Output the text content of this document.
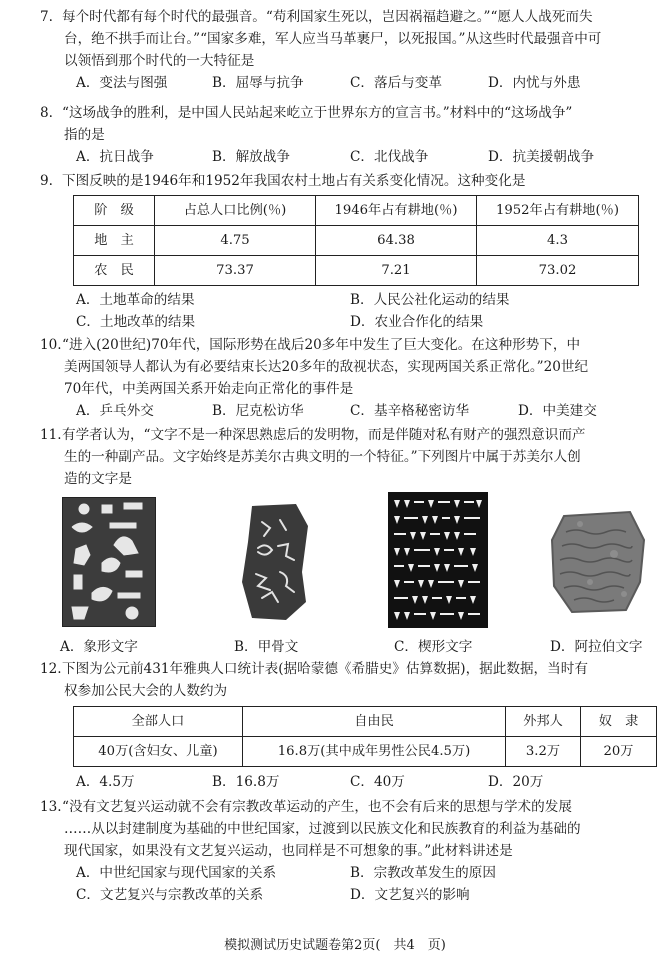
7. 每个时代都有每个时代的最强音。“苟利国家生死以，岂因祸福趋避之。”“愿人人战死而失
台，绝不拱手而让台。”“国家多难，军人应当马革裹尸，以死报国。”从这些时代最强音中可
以领悟到那个时代的一大特征是
A．变法与图强	B．屈辱与抗争	C．落后与变革	D．内忧与外患
8. “这场战争的胜利，是中国人民站起来屹立于世界东方的宣言书。”材料中的“这场战争”
指的是
A．抗日战争	B．解放战争	C．北伐战争	D．抗美援朝战争
9. 下图反映的是1946年和1952年我国农村土地占有关系变化情况。这种变化是
阶　级	占总人口比例(％)	1946年占有耕地(％)	1952年占有耕地(％)
地　主	4.75	64.38	4.3
农　民	73.37	7.21	73.02
A．土地革命的结果	B．人民公社化运动的结果
C．土地改革的结果	D．农业合作化的结果
10.“进入(20世纪)70年代，国际形势在战后20多年中发生了巨大变化。在这种形势下，中
美两国领导人都认为有必要结束长达20多年的敌视状态，实现两国关系正常化。”20世纪
70年代，中美两国关系开始走向正常化的事件是
A．乒乓外交	B．尼克松访华	C．基辛格秘密访华	D．中美建交
11.有学者认为，“文字不是一种深思熟虑后的发明物，而是伴随对私有财产的强烈意识而产
生的一种副产品。文字始终是苏美尔古典文明的一个特征。”下列图片中属于苏美尔人创
造的文字是
A．象形文字	B．甲骨文	C．楔形文字	D．阿拉伯文字
12.下图为公元前431年雅典人口统计表(据哈蒙德《希腊史》估算数据)，据此数据，当时有
权参加公民大会的人数约为
全部人口	自由民	外邦人	奴　隶
40万(含妇女、儿童)	16.8万(其中成年男性公民4.5万)	3.2万	20万
A．4.5万	B．16.8万	C．40万	D．20万
13.“没有文艺复兴运动就不会有宗教改革运动的产生，也不会有后来的思想与学术的发展
……从以封建制度为基础的中世纪国家，过渡到以民族文化和民族教育的利益为基础的
现代国家，如果没有文艺复兴运动，也同样是不可想象的事。”此材料讲述是
A．中世纪国家与现代国家的关系	B．宗教改革发生的原因
C．文艺复兴与宗教改革的关系	D．文艺复兴的影响
模拟测试历史试题卷第2页(　共4　页)
